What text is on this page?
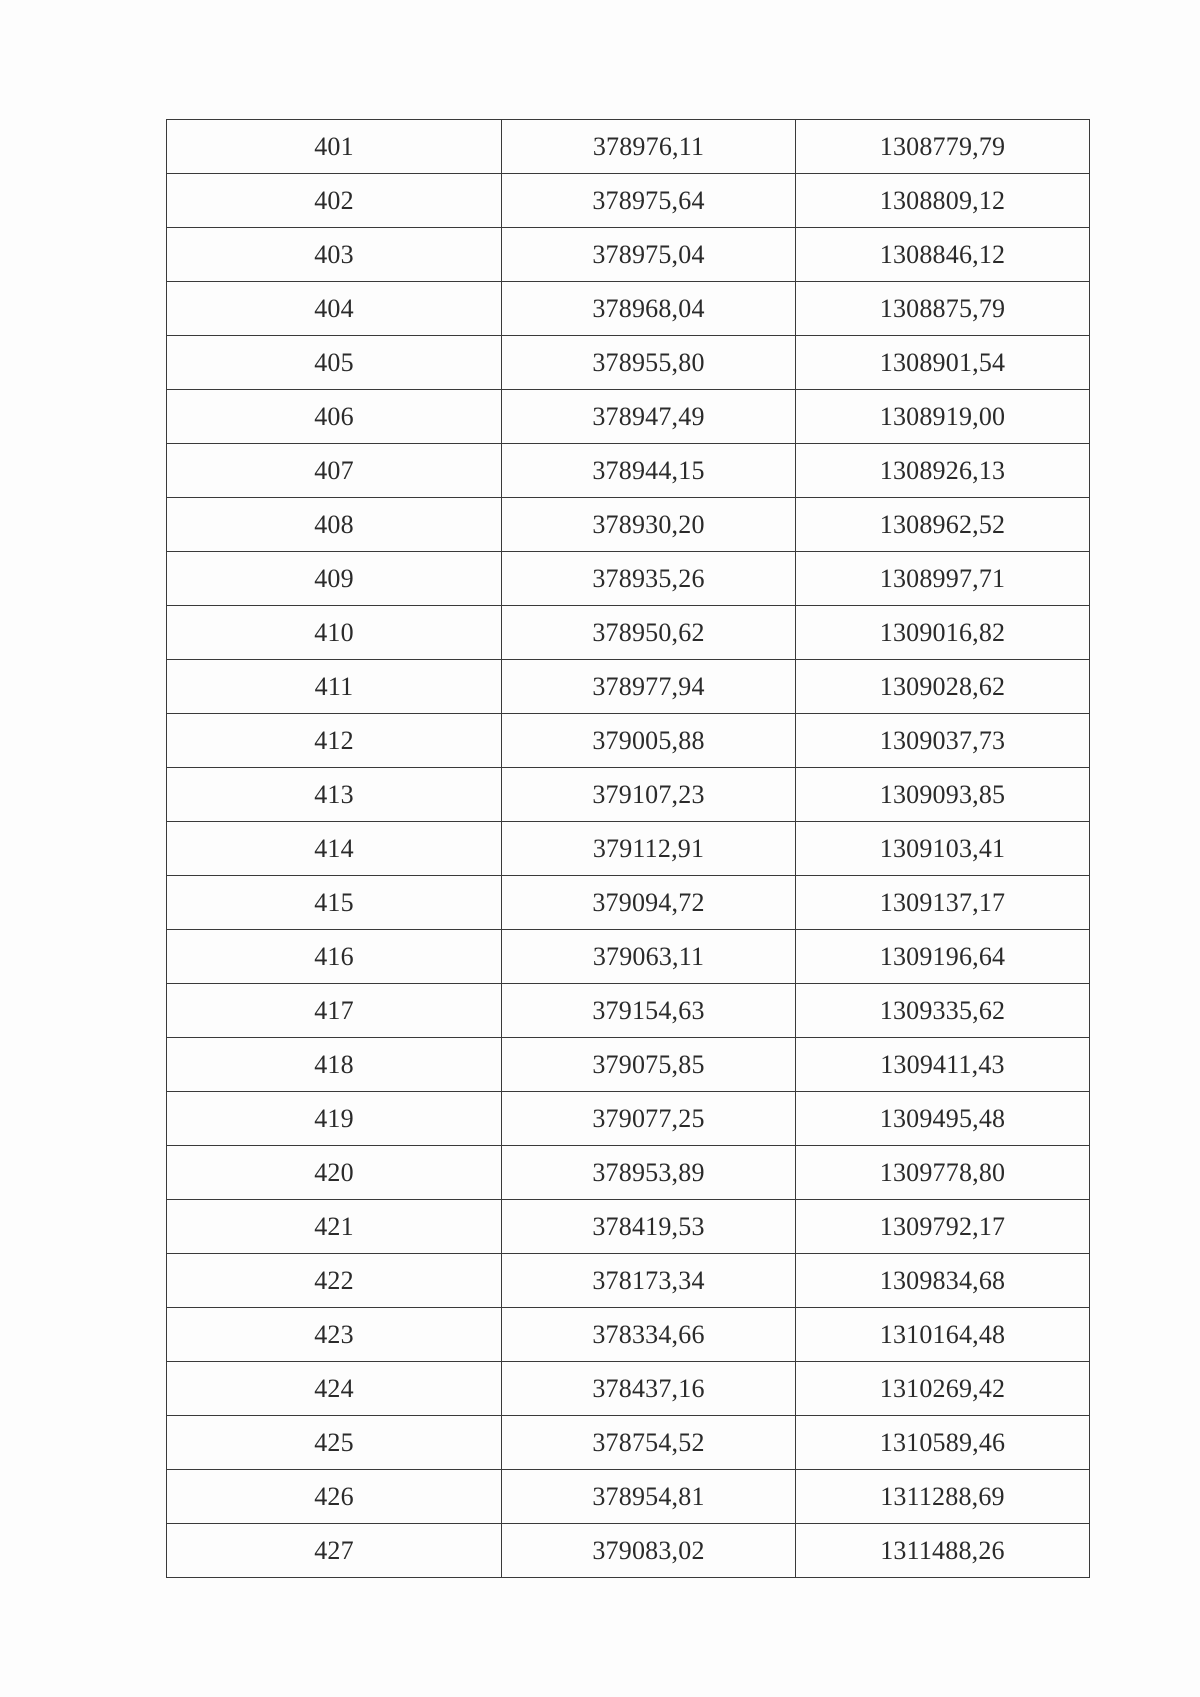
401	378976,11	1308779,79
402	378975,64	1308809,12
403	378975,04	1308846,12
404	378968,04	1308875,79
405	378955,80	1308901,54
406	378947,49	1308919,00
407	378944,15	1308926,13
408	378930,20	1308962,52
409	378935,26	1308997,71
410	378950,62	1309016,82
411	378977,94	1309028,62
412	379005,88	1309037,73
413	379107,23	1309093,85
414	379112,91	1309103,41
415	379094,72	1309137,17
416	379063,11	1309196,64
417	379154,63	1309335,62
418	379075,85	1309411,43
419	379077,25	1309495,48
420	378953,89	1309778,80
421	378419,53	1309792,17
422	378173,34	1309834,68
423	378334,66	1310164,48
424	378437,16	1310269,42
425	378754,52	1310589,46
426	378954,81	1311288,69
427	379083,02	1311488,26
